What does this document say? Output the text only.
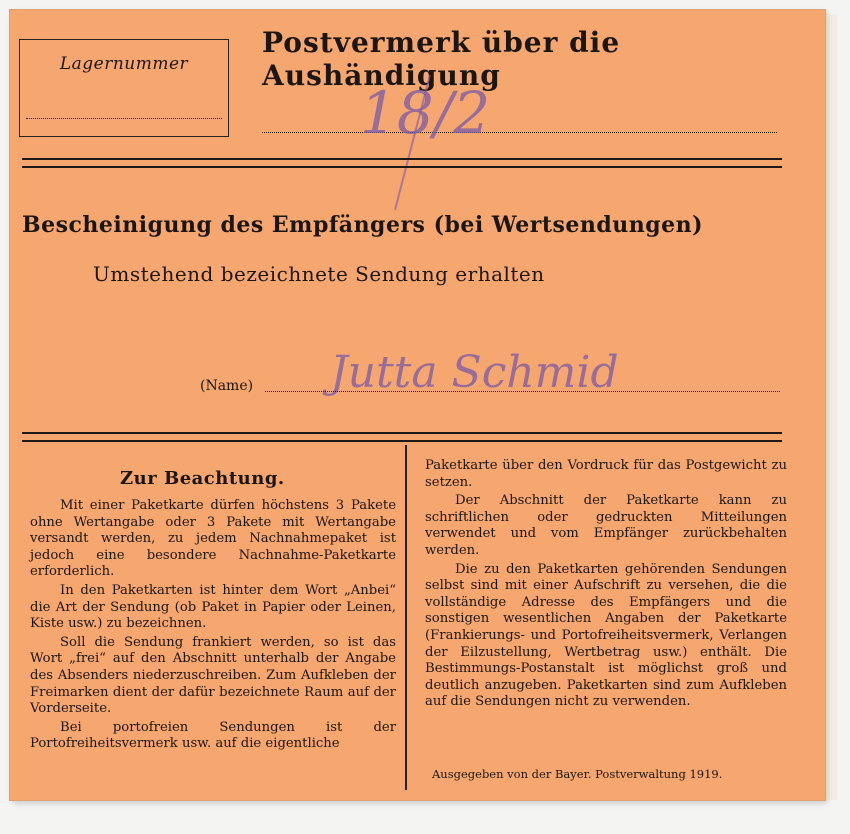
Lagernummer
Postvermerk über die Aushändigung
18/2
Bescheinigung des Empfängers (bei Wertsendungen)
Umstehend bezeichnete Sendung erhalten
Jutta Schmid
(Name)
Zur Beachtung.

Mit einer Paketkarte dürfen höchstens 3 Pakete ohne Wertangabe oder 3 Pakete mit Wertangabe versandt werden, zu jedem Nachnahmepaket ist jedoch eine besondere Nachnahme-Paketkarte erforderlich.

In den Paketkarten ist hinter dem Wort „Anbei“ die Art der Sendung (ob Paket in Papier oder Leinen, Kiste usw.) zu bezeichnen.

Soll die Sendung frankiert werden, so ist das Wort „frei“ auf den Abschnitt unterhalb der Angabe des Absenders niederzuschreiben. Zum Aufkleben der Freimarken dient der dafür bezeichnete Raum auf der Vorderseite.

Bei portofreien Sendungen ist der Portofreiheitsvermerk usw. auf die eigentliche

Paketkarte über den Vordruck für das Postgewicht zu setzen.

Der Abschnitt der Paketkarte kann zu schriftlichen oder gedruckten Mitteilungen verwendet und vom Empfänger zurückbehalten werden.

Die zu den Paketkarten gehörenden Sendungen selbst sind mit einer Aufschrift zu versehen, die die vollständige Adresse des Empfängers und die sonstigen wesentlichen Angaben der Paketkarte (Frankierungs- und Portofreiheitsvermerk, Verlangen der Eilzustellung, Wertbetrag usw.) enthält. Die Bestimmungs-Postanstalt ist möglichst groß und deutlich anzugeben. Paketkarten sind zum Aufkleben auf die Sendungen nicht zu verwenden.

Ausgegeben von der Bayer. Postverwaltung 1919.
